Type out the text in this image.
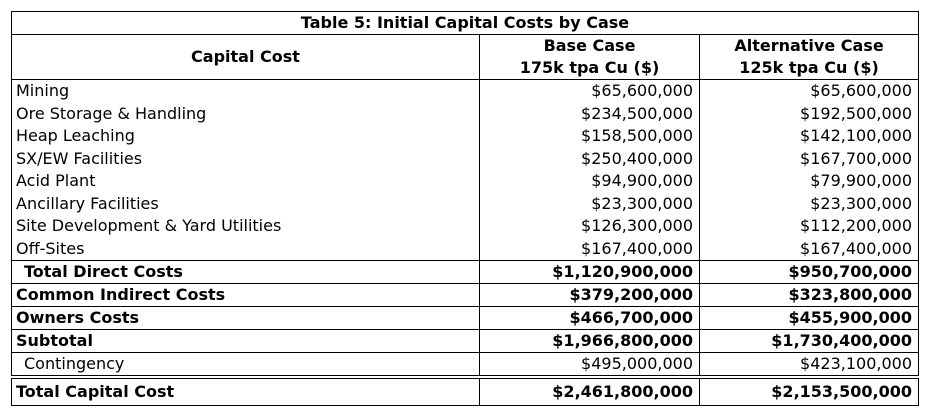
Table 5: Initial Capital Costs by Case		
Capital Cost	Base Case	Alternative Case
	175k tpa Cu ($)	125k tpa Cu ($)
Mining	$65,600,000	$65,600,000
Ore Storage & Handling	$234,500,000	$192,500,000
Heap Leaching	$158,500,000	$142,100,000
SX/EW Facilities	$250,400,000	$167,700,000
Acid Plant	$94,900,000	$79,900,000
Ancillary Facilities	$23,300,000	$23,300,000
Site Development & Yard Utilities	$126,300,000	$112,200,000
Off-Sites	$167,400,000	$167,400,000
Total Direct Costs	$1,120,900,000	$950,700,000
Common Indirect Costs	$379,200,000	$323,800,000
Owners Costs	$466,700,000	$455,900,000
Subtotal	$1,966,800,000	$1,730,400,000
Contingency	$495,000,000	$423,100,000
Total Capital Cost	$2,461,800,000	$2,153,500,000
